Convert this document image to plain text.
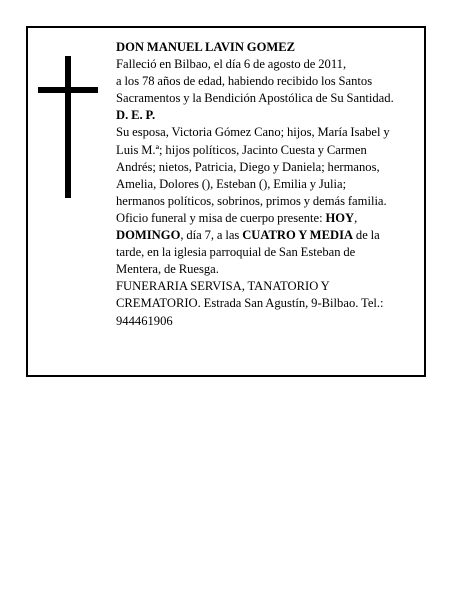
DON MANUEL LAVIN GOMEZ
Falleció en Bilbao, el día 6 de agosto de 2011,
a los 78 años de edad, habiendo recibido los Santos
Sacramentos y la Bendición Apostólica de Su Santidad.
D. E. P.
Su esposa, Victoria Gómez Cano; hijos, María Isabel y
Luis M.ª; hijos políticos, Jacinto Cuesta y Carmen
Andrés; nietos, Patricia, Diego y Daniela; hermanos,
Amelia, Dolores (), Esteban (), Emilia y Julia;
hermanos políticos, sobrinos, primos y demás familia.
Oficio funeral y misa de cuerpo presente: HOY,
DOMINGO, día 7, a las CUATRO Y MEDIA de la
tarde, en la iglesia parroquial de San Esteban de
Mentera, de Ruesga.
FUNERARIA SERVISA, TANATORIO Y
CREMATORIO. Estrada San Agustín, 9-Bilbao. Tel.:
944461906
